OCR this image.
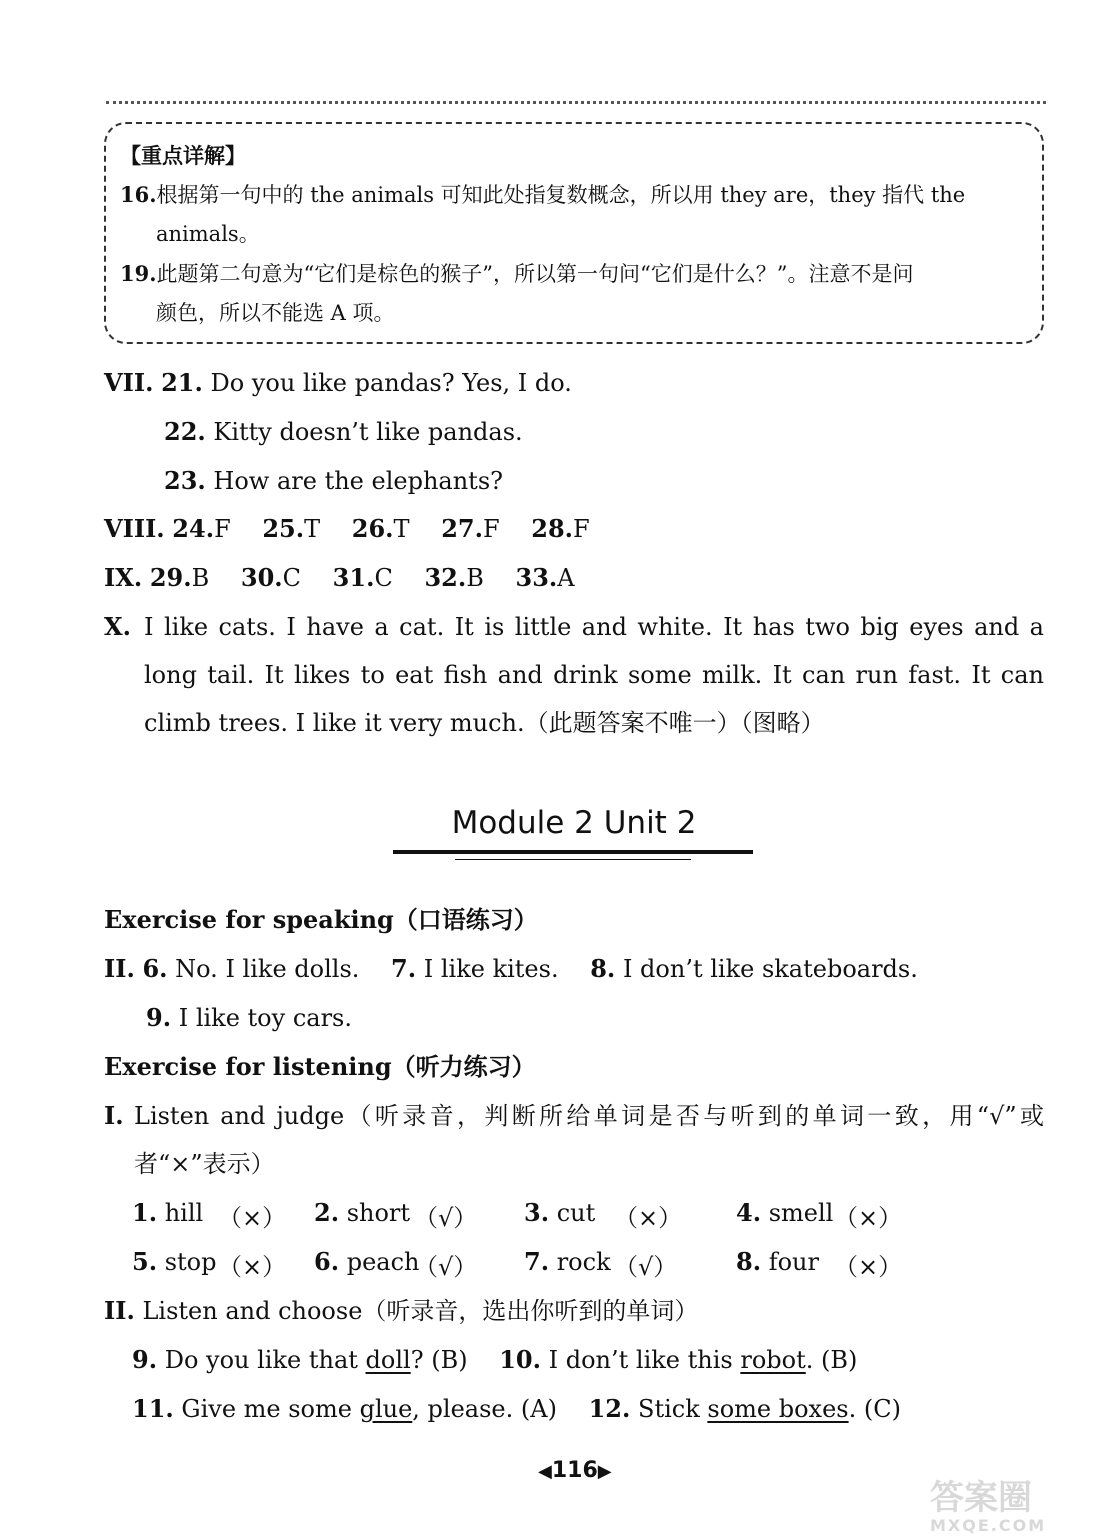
【重点详解】
16.根据第一句中的 the animals 可知此处指复数概念，所以用 they are，they 指代 the
animals。
19.此题第二句意为“它们是棕色的猴子”，所以第一句问“它们是什么？”。注意不是问
颜色，所以不能选 A 项。
VII. 21. Do you like pandas? Yes, I do.
22. Kitty doesn’t like pandas.
23. How are the elephants?
VIII. 24.F 25.T 26.T 27.F 28.F
IX. 29.B 30.C 31.C 32.B 33.A
X. I like cats. I have a cat. It is little and white. It has two big eyes and a long tail. It likes to eat fish and drink some milk. It can run fast. It can climb trees. I like it very much.（此题答案不唯一）（图略）
Module 2 Unit 2
Exercise for speaking（口语练习）
II. 6. No. I like dolls. 7. I like kites. 8. I don’t like skateboards.
9. I like toy cars.
Exercise for listening（听力练习）
I. Listen and judge（听录音，判断所给单词是否与听到的单词一致，用“√”或者“×”表示）
1. hill （×） 2. short （√） 3. cut （×） 4. smell （×）
5. stop （×） 6. peach
（√） 7. rock （√） 8. four （×）
II. Listen and choose（听录音，选出你听到的单词）
9. Do you like that doll? (B) 10. I don’t like this robot. (B)
11. Give me some glue, please. (A) 12. Stick some boxes. (C)
◀116▶
答案圈
MXQE.COM
